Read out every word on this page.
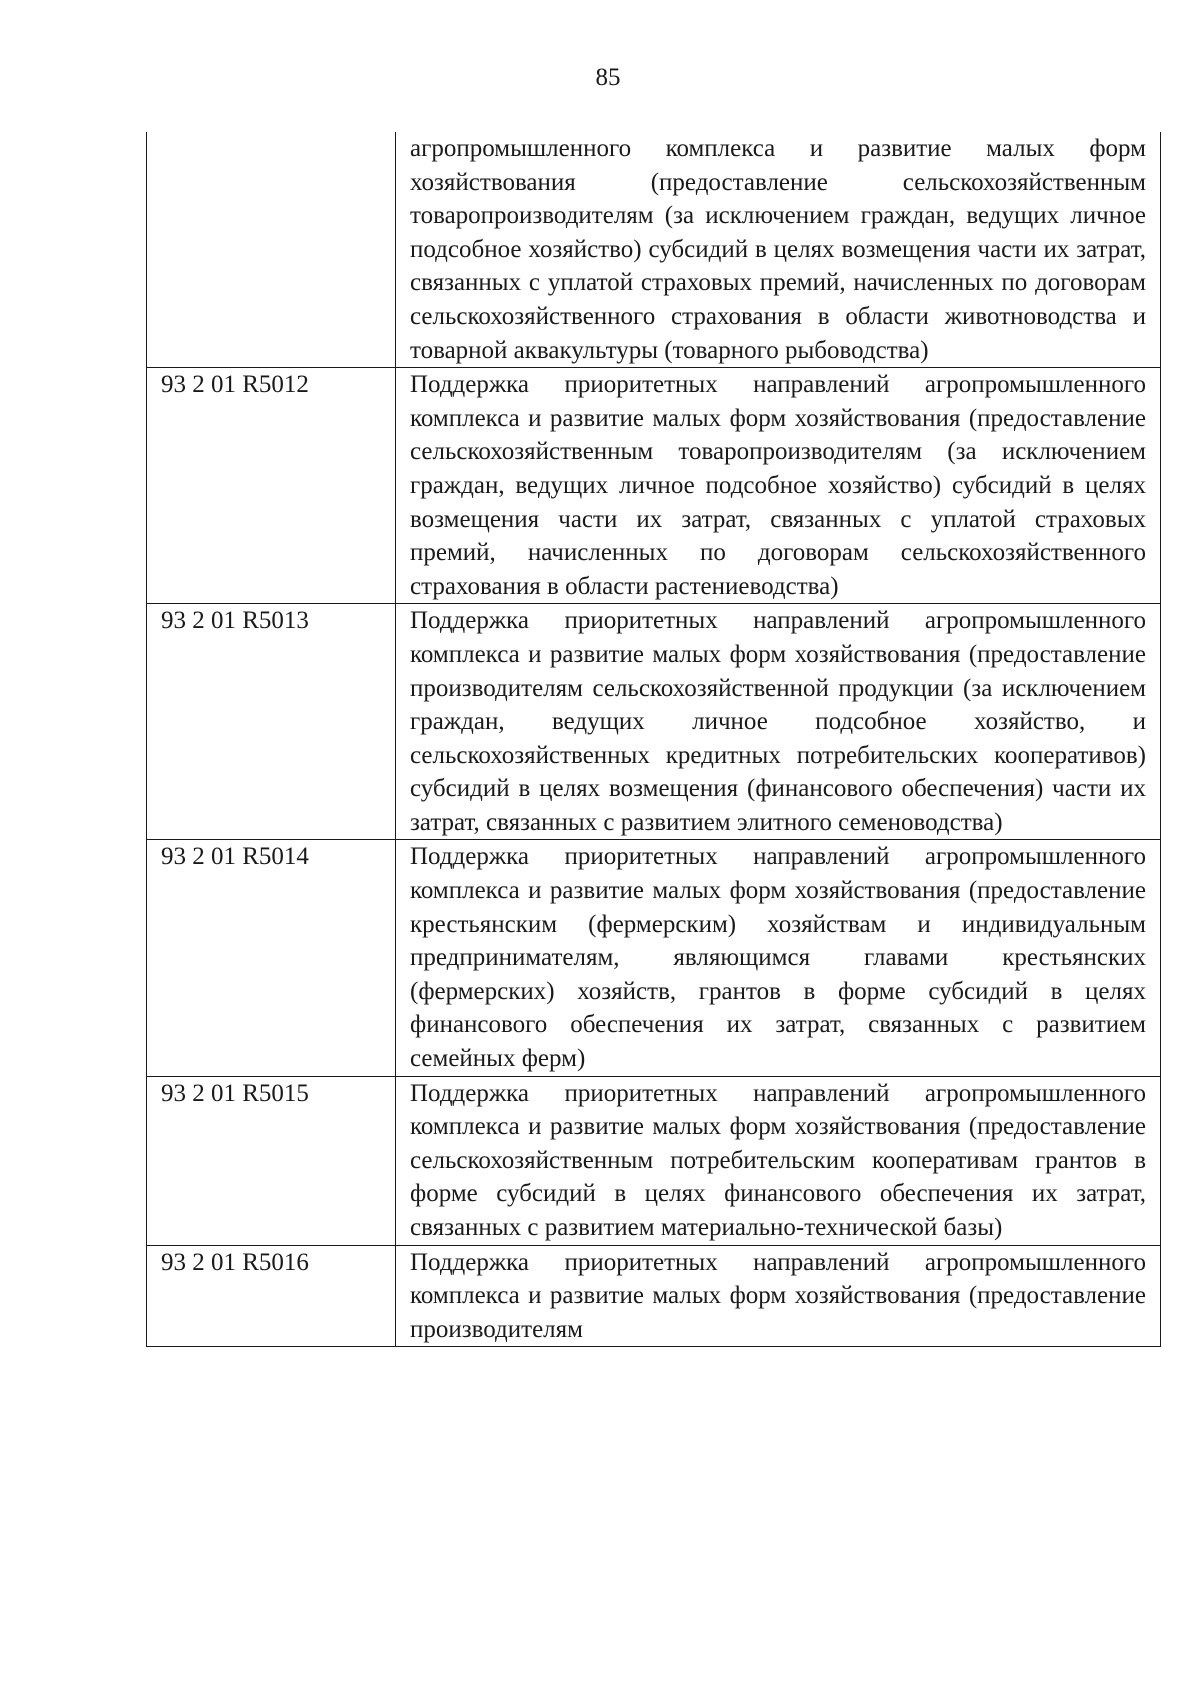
85
	агропромышленного комплекса и развитие малых форм хозяйствования (предоставление сельскохозяйственным товаропроизводителям (за исключением граждан, ведущих личное подсобное хозяйство) субсидий в целях возмещения части их затрат, связанных с уплатой страховых премий, начисленных по договорам сельскохозяйственного страхования в области животноводства и товарной аквакультуры (товарного рыбоводства)
93 2 01 R5012	Поддержка приоритетных направлений агропромышленного комплекса и развитие малых форм хозяйствования (предоставление сельскохозяйственным товаропроизводителям (за исключением граждан, ведущих личное подсобное хозяйство) субсидий в целях возмещения части их затрат, связанных с уплатой страховых премий, начисленных по договорам сельскохозяйственного страхования в области растениеводства)
93 2 01 R5013	Поддержка приоритетных направлений агропромышленного комплекса и развитие малых форм хозяйствования (предоставление производителям сельскохозяйственной продукции (за исключением граждан, ведущих личное подсобное хозяйство, и сельскохозяйственных кредитных потребительских кооперативов) субсидий в целях возмещения (финансового обеспечения) части их затрат, связанных с развитием элитного семеноводства)
93 2 01 R5014	Поддержка приоритетных направлений агропромышленного комплекса и развитие малых форм хозяйствования (предоставление крестьянским (фермерским) хозяйствам и индивидуальным предпринимателям, являющимся главами крестьянских (фермерских) хозяйств, грантов в форме субсидий в целях финансового обеспечения их затрат, связанных с развитием семейных ферм)
93 2 01 R5015	Поддержка приоритетных направлений агропромышленного комплекса и развитие малых форм хозяйствования (предоставление сельскохозяйственным потребительским кооперативам грантов в форме субсидий в целях финансового обеспечения их затрат, связанных с развитием материально-технической базы)
93 2 01 R5016	Поддержка приоритетных направлений агропромышленного комплекса и развитие малых форм хозяйствования (предоставление производителям
